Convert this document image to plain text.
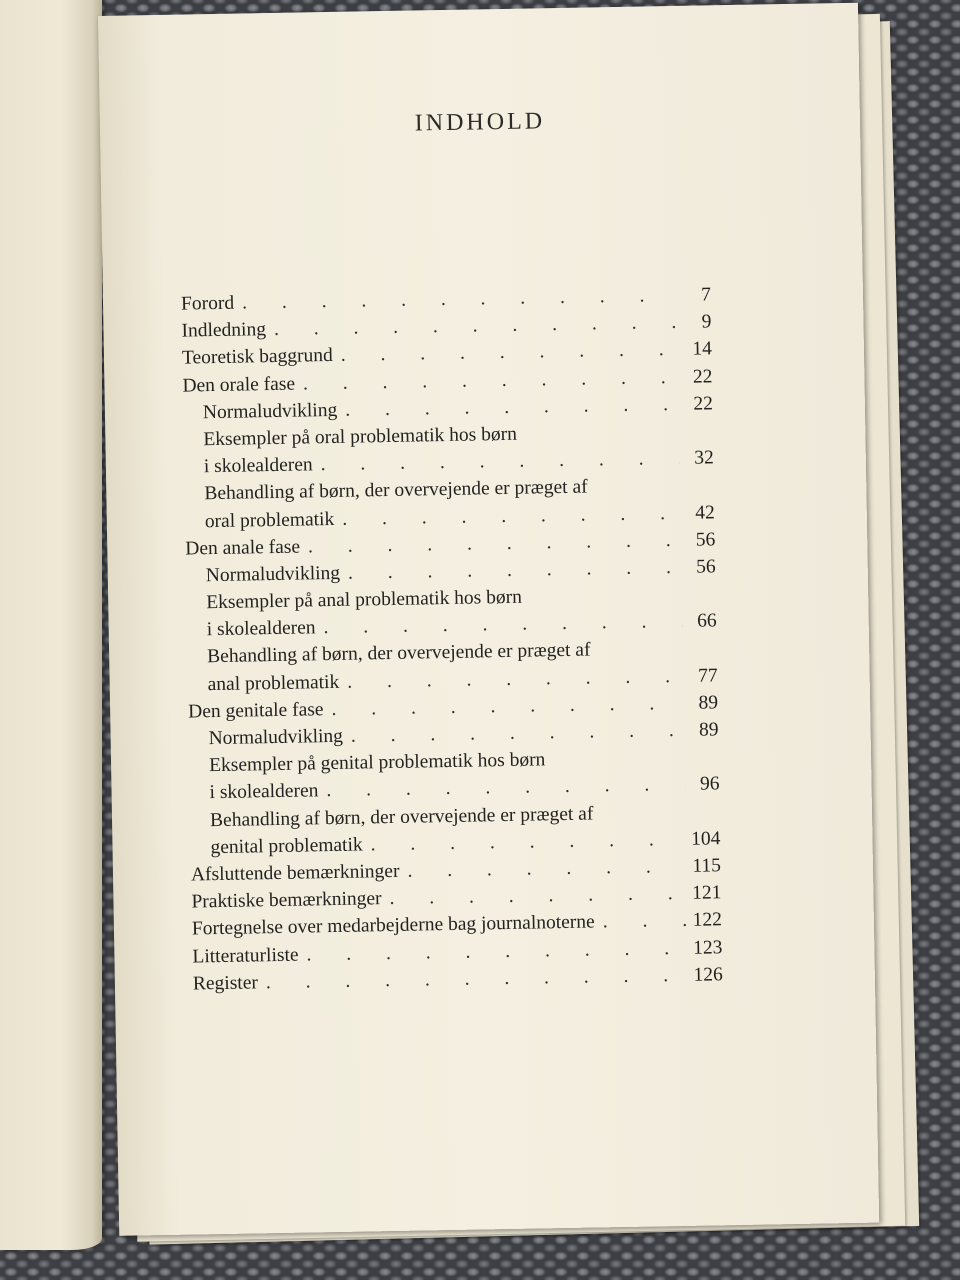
INDHOLD
Forord . . .	7
Indledning . . .	9
Teoretisk baggrund . . .	14
Den orale fase . . .	22
Normaludvikling . . .	22
Eksempler på oral problematik hos børn
i skolealderen . . .	32
Behandling af børn, der overvejende er præget af
oral problematik . . .	42
Den anale fase . . .	56
Normaludvikling . . .	56
Eksempler på anal problematik hos børn
i skolealderen . . .	66
Behandling af børn, der overvejende er præget af
anal problematik . . .	77
Den genitale fase . . .	89
Normaludvikling . . .	89
Eksempler på genital problematik hos børn
i skolealderen . . .	96
Behandling af børn, der overvejende er præget af
genital problematik . . .	104
Afsluttende bemærkninger . . .	115
Praktiske bemærkninger . . .	121
Fortegnelse over medarbejderne bag journalnoterne . . .	122
Litteraturliste . . .	123
Register . . .	126
